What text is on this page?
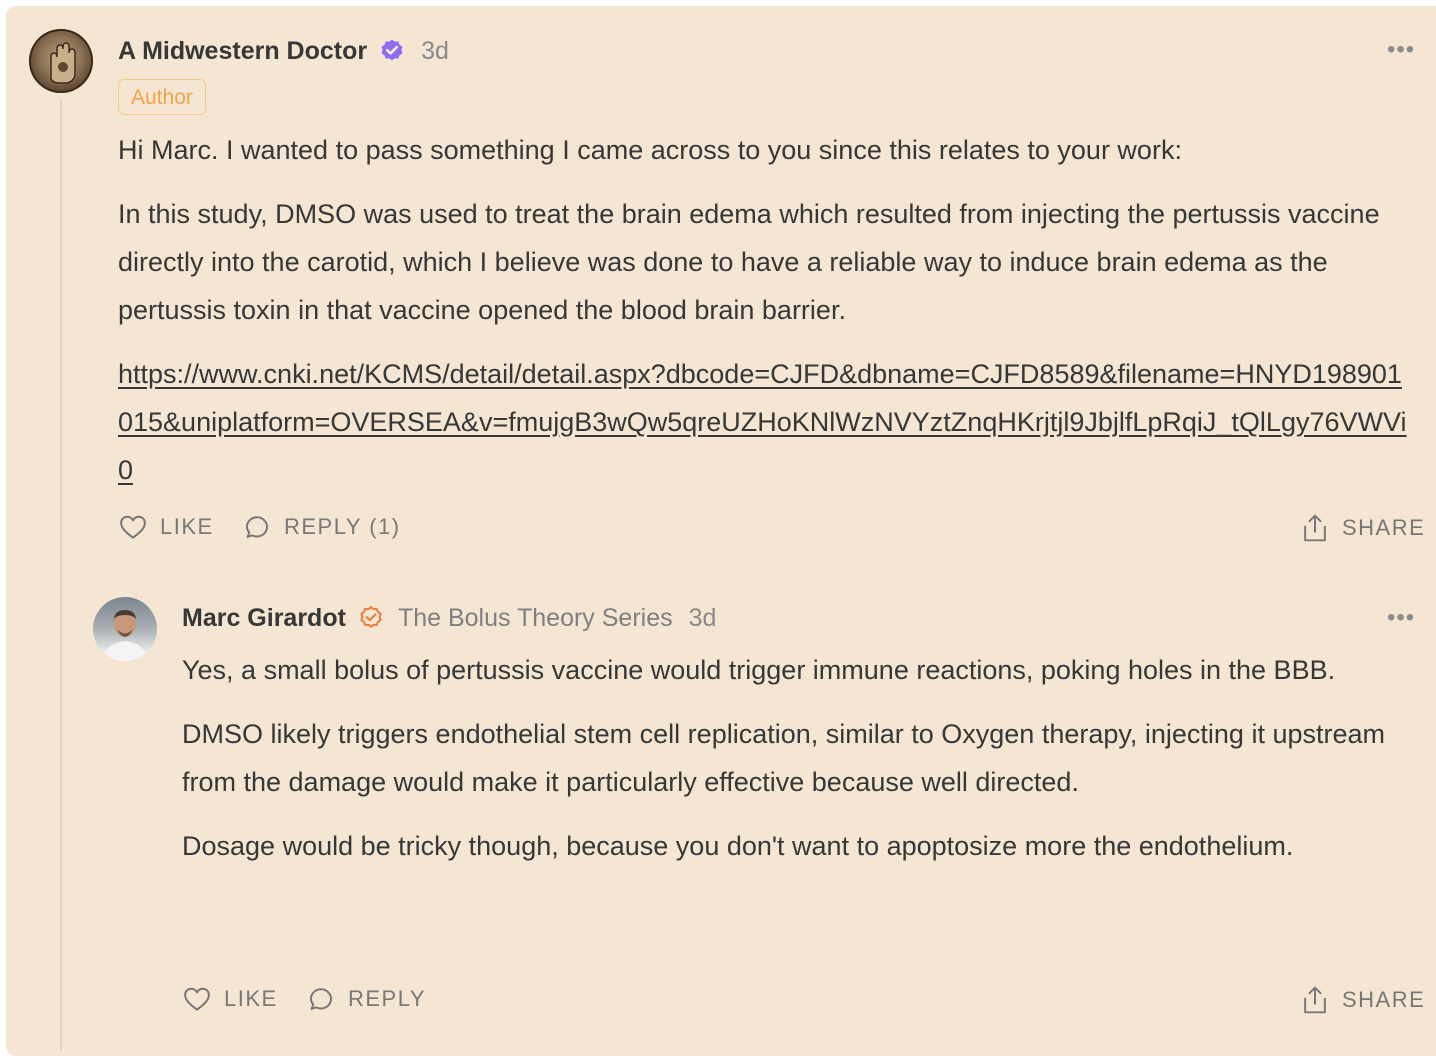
A Midwestern Doctor 3d	•••
Author

Hi Marc. I wanted to pass something I came across to you since this relates to your work:

In this study, DMSO was used to treat the brain edema which resulted from injecting the pertussis vaccine directly into the carotid, which I believe was done to have a reliable way to induce brain edema as the pertussis toxin in that vaccine opened the blood brain barrier.

https://www.cnki.net/KCMS/detail/detail.aspx?dbcode=CJFD&dbname=CJFD8589&filename=HNYD198901015&uniplatform=OVERSEA&v=fmujgB3wQw5qreUZHoKNlWzNVYztZnqHKrjtjl9JbjlfLpRqiJ_tQlLgy76VWVi0

LIKE	REPLY (1)	SHARE
Marc Girardot The Bolus Theory Series 3d	•••

Yes, a small bolus of pertussis vaccine would trigger immune reactions, poking holes in the BBB.

DMSO likely triggers endothelial stem cell replication, similar to Oxygen therapy, injecting it upstream from the damage would make it particularly effective because well directed.

Dosage would be tricky though, because you don't want to apoptosize more the endothelium.

LIKE	REPLY	SHARE
